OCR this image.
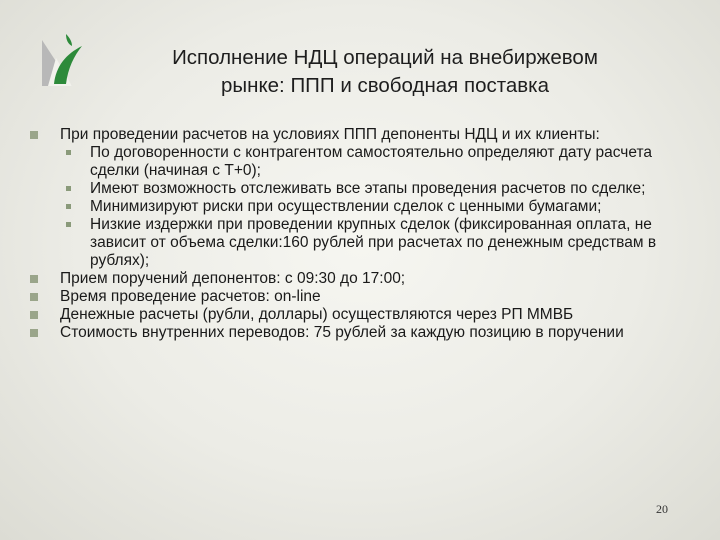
Исполнение НДЦ операций на внебиржевом
рынке: ППП и свободная поставка
При проведении расчетов на условиях ППП депоненты НДЦ и их клиенты:
По договоренности с контрагентом самостоятельно определяют дату расчета сделки (начиная с Т+0);
Имеют возможность отслеживать все этапы проведения расчетов по сделке;
Минимизируют риски при осуществлении сделок с ценными бумагами;
Низкие издержки при проведении крупных сделок (фиксированная оплата, не зависит от объема сделки:160 рублей при расчетах по денежным средствам в рублях);
Прием поручений депонентов: с 09:30 до 17:00;
Время проведение расчетов: on-line
Денежные расчеты (рубли, доллары) осуществляются через РП ММВБ
Стоимость внутренних переводов: 75 рублей за каждую позицию в поручении
20
